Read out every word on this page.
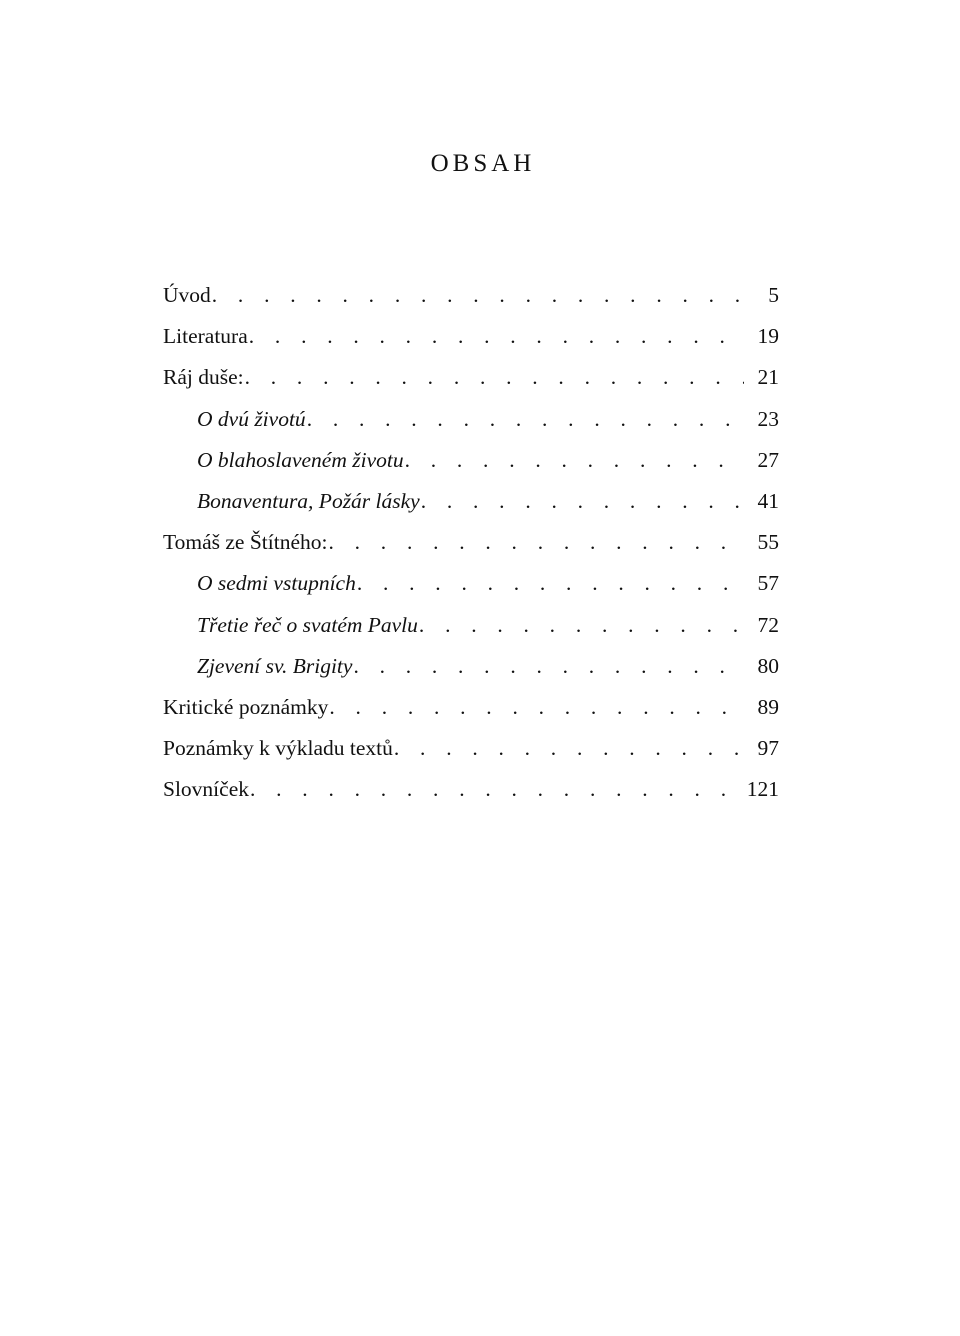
OBSAH
Úvod . . .	5
Literatura . . .	19
Ráj duše: . . .	21
O dvú životú . . .	23
O blahoslaveném životu . . .	27
Bonaventura, Požár lásky . . .	41
Tomáš ze Štítného: . . .	55
O sedmi vstupních . . .	57
Třetie řeč o svatém Pavlu . . .	72
Zjevení sv. Brigity . . .	80
Kritické poznámky . . .	89
Poznámky k výkladu textů . . .	97
Slovníček . . .	121
